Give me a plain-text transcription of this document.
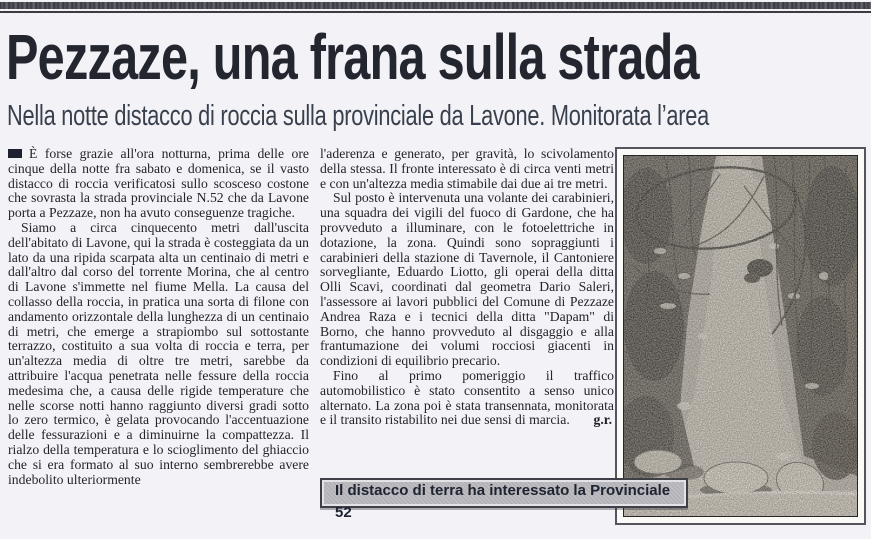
Pezzaze, una frana sulla strada
Nella notte distacco di roccia sulla provinciale da Lavone. Monitorata l’area

È forse grazie all'ora notturna, prima delle ore cinque della notte fra sabato e domenica, se il vasto distacco di roccia verificatosi sullo scosceso costone che sovrasta la strada provinciale N.52 che da Lavone porta a Pezzaze, non ha avuto conseguenze tragiche.

Siamo a circa cinquecento metri dall'uscita dell'abitato di Lavone, qui la strada è costeggiata da un lato da una ripida scarpata alta un centinaio di metri e dall'altro dal corso del torrente Morina, che al centro di Lavone s'immette nel fiume Mella. La causa del collasso della roccia, in pratica una sorta di filone con andamento orizzontale della lunghezza di un centinaio di metri, che emerge a strapiombo sul sottostante terrazzo, costituito a sua volta di roccia e terra, per un'altezza media di oltre tre metri, sarebbe da attribuire l'acqua penetrata nelle fessure della roccia medesima che, a causa delle rigide temperature che nelle scorse notti hanno raggiunto diversi gradi sotto lo zero termico, è gelata provocando l'accentuazione delle fessurazioni e a diminuirne la compattezza. Il rialzo della temperatura e lo scioglimento del ghiaccio che si era formato al suo interno sembrerebbe avere indebolito ulteriormente

l'aderenza e generato, per gravità, lo scivolamento della stessa. Il fronte interessato è di circa venti metri e con un'altezza media stimabile dai due ai tre metri.

Sul posto è intervenuta una volante dei carabinieri, una squadra dei vigili del fuoco di Gardone, che ha provveduto a illuminare, con le fotoelettriche in dotazione, la zona. Quindi sono sopraggiunti i carabinieri della stazione di Tavernole, il Cantoniere sorvegliante, Eduardo Liotto, gli operai della ditta Olli Scavi, coordinati dal geometra Dario Saleri, l'assessore ai lavori pubblici del Comune di Pezzaze Andrea Raza e i tecnici della ditta "Dapam" di Borno, che hanno provveduto al disgaggio e alla frantumazione dei volumi rocciosi giacenti in condizioni di equilibrio precario.

Fino al primo pomeriggio il traffico automobilistico è stato consentito a senso unico alternato. La zona poi è stata transennata, monitorata e il transito ristabilito nei due sensi di marcia.	g.r.

Il distacco di terra ha interessato la Provinciale 52
